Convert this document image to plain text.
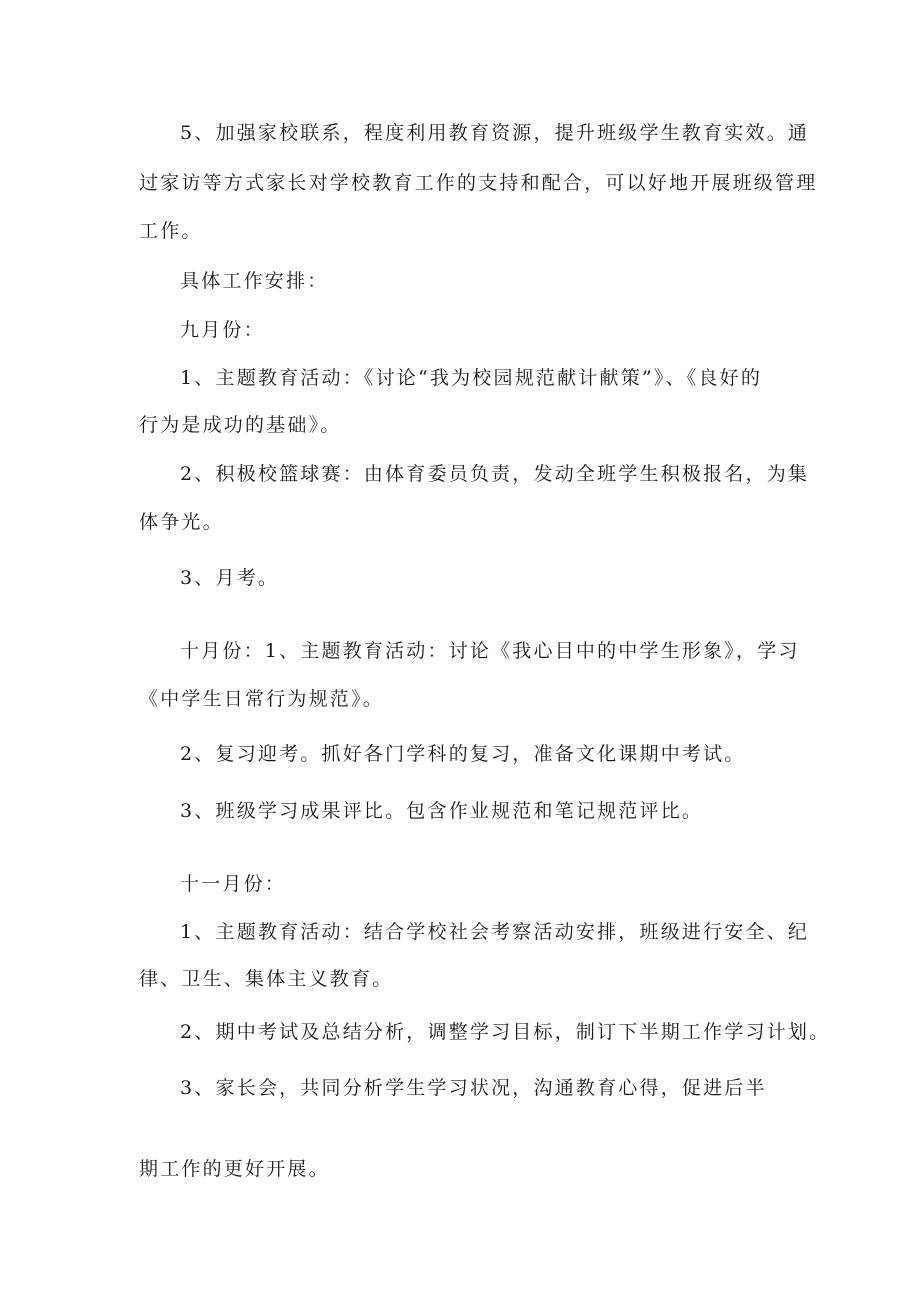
5、加强家校联系，程度利用教育资源，提升班级学生教育实效。通
过家访等方式家长对学校教育工作的支持和配合，可以好地开展班级管理
工作。
具体工作安排：
九月份：
1、主题教育活动：《讨论“我为校园规范献计献策”》、《良好的
行为是成功的基础》。
2、积极校篮球赛：由体育委员负责，发动全班学生积极报名，为集
体争光。
3、月考。
十月份：1、主题教育活动：讨论《我心目中的中学生形象》，学习
《中学生日常行为规范》。
2、复习迎考。抓好各门学科的复习，准备文化课期中考试。
3、班级学习成果评比。包含作业规范和笔记规范评比。
十一月份：
1、主题教育活动：结合学校社会考察活动安排，班级进行安全、纪
律、卫生、集体主义教育。
2、期中考试及总结分析，调整学习目标，制订下半期工作学习计划。
3、家长会，共同分析学生学习状况，沟通教育心得，促进后半
期工作的更好开展。
